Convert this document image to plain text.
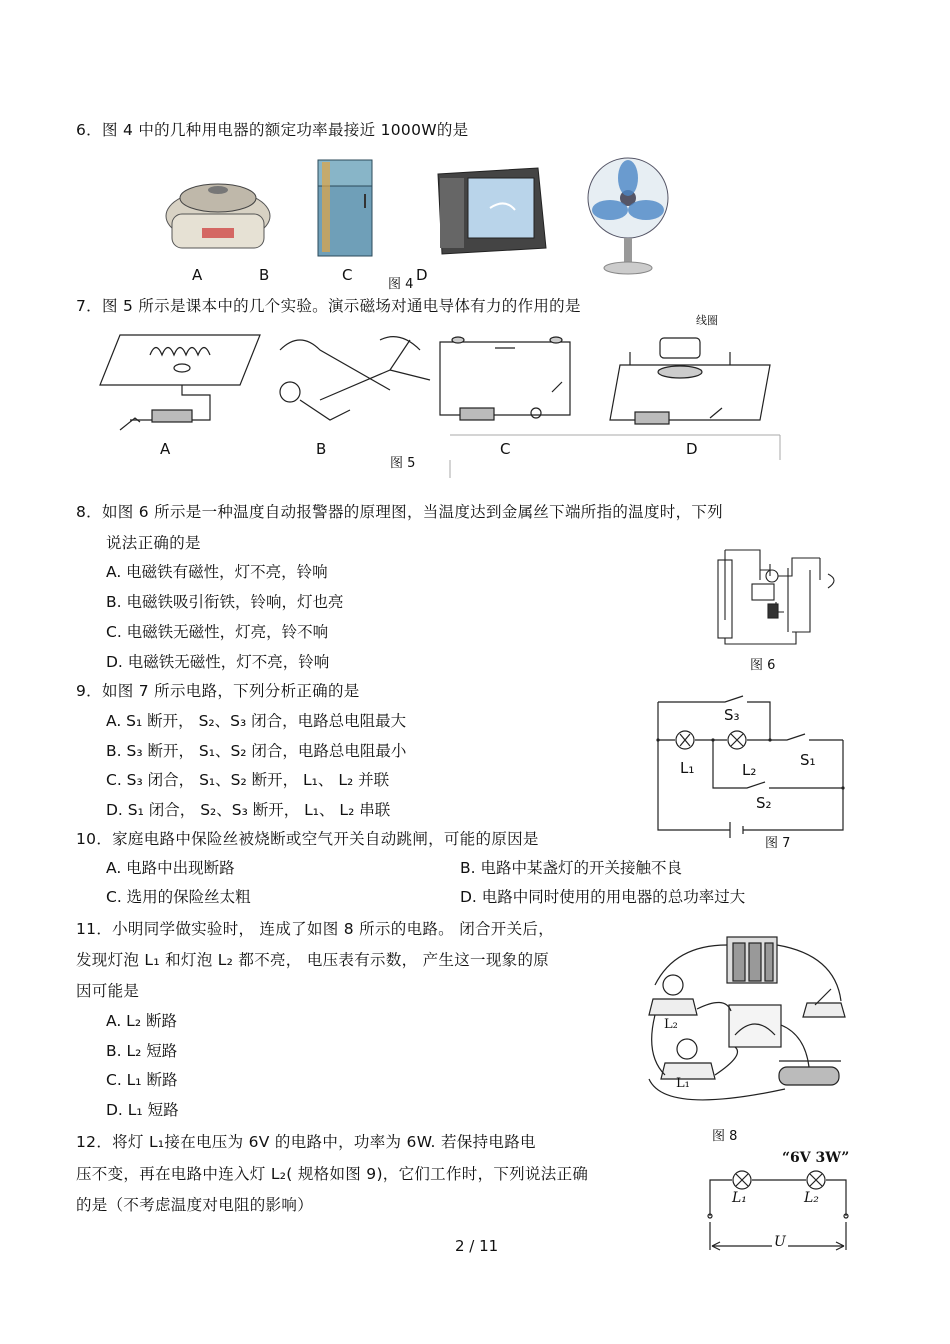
6．图 4 中的几种用电器的额定功率最接近 1000W的是
A	B	C	D
图 4
7．图 5 所示是课本中的几个实验。演示磁场对通电导体有力的作用的是
线圈
A	B	C	D
图 5
8．如图 6 所示是一种温度自动报警器的原理图，当温度达到金属丝下端所指的温度时，下列
说法正确的是
A. 电磁铁有磁性，灯不亮，铃响
B. 电磁铁吸引衔铁，铃响，灯也亮
C. 电磁铁无磁性，灯亮，铃不响
D. 电磁铁无磁性，灯不亮，铃响	图 6
9．如图 7 所示电路，下列分析正确的是
A. S₁ 断开， S₂、S₃ 闭合，电路总电阻最大
B. S₃ 断开， S₁、S₂ 闭合，电路总电阻最小
C. S₃ 闭合， S₁、S₂ 断开， L₁、 L₂ 并联
D. S₁ 闭合， S₂、S₃ 断开， L₁、 L₂ 串联
S₃
L₁	L₂
S₁
S₂
图 7
10．家庭电路中保险丝被烧断或空气开关自动跳闸，可能的原因是
A. 电路中出现断路	B. 电路中某盏灯的开关接触不良
C. 选用的保险丝太粗	D. 电路中同时使用的用电器的总功率过大
11．小明同学做实验时， 连成了如图 8 所示的电路。 闭合开关后，
发现灯泡 L₁ 和灯泡 L₂ 都不亮， 电压表有示数， 产生这一现象的原
因可能是
A. L₂ 断路
B. L₂ 短路
C. L₁ 断路
D. L₁ 短路
L₂
L₁
图 8
12．将灯 L₁接在电压为 6V 的电路中，功率为 6W. 若保持电路电
压不变，再在电路中连入灯 L₂( 规格如图 9)，它们工作时，下列说法正确
的是（不考虑温度对电阻的影响）
“6V 3W”
L₁	L₂
U
2 / 11
